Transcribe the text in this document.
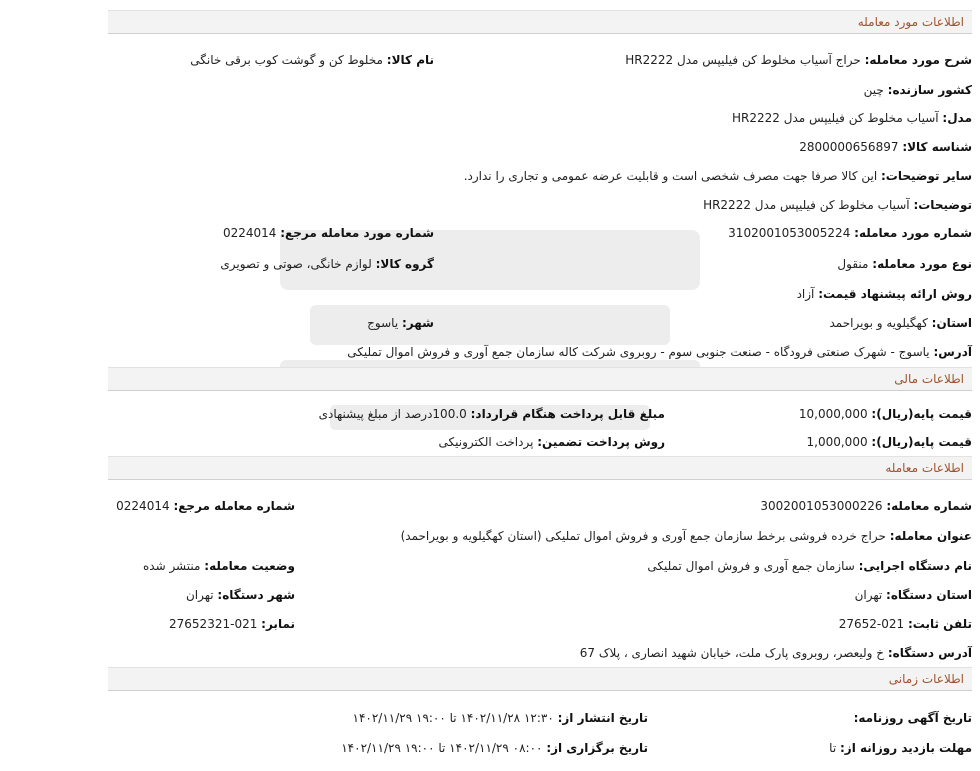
اطلاعات مورد معامله
شرح مورد معامله: حراج آسیاب مخلوط کن فیلیپس مدل HR2222
نام کالا: مخلوط کن و گوشت کوب برقی خانگی
کشور سازنده: چین
مدل: آسیاب مخلوط کن فیلیپس مدل HR2222
شناسه کالا: 2800000656897
سایر توضیحات: این کالا صرفا جهت مصرف شخصی است و قابلیت عرضه عمومی و تجاری را ندارد.
توضیحات: آسیاب مخلوط کن فیلیپس مدل HR2222
شماره مورد معامله: 3102001053005224
شماره مورد معامله مرجع: 0224014
نوع مورد معامله: منقول
گروه کالا: لوازم خانگی، صوتی و تصویری
روش ارائه پیشنهاد قیمت: آزاد
استان: کهگیلویه و بویراحمد
شهر: یاسوج
آدرس: یاسوج - شهرک صنعتی فرودگاه - صنعت جنوبی سوم - روبروی شرکت کاله سازمان جمع آوری و فروش اموال تملیکی
اطلاعات مالی
قیمت پایه(ریال): 10,000,000
مبلغ قابل پرداخت هنگام قرارداد: 100.0درصد از مبلغ پیشنهادی
قیمت پایه(ریال): 1,000,000
روش پرداخت تضمین: پرداخت الکترونیکی
اطلاعات معامله
شماره معامله: 3002001053000226
شماره معامله مرجع: 0224014
عنوان معامله: حراج خرده فروشی برخط سازمان جمع آوری و فروش اموال تملیکی (استان کهگیلویه و بویراحمد)
نام دستگاه اجرایی: سازمان جمع آوری و فروش اموال تملیکی
وضعیت معامله: منتشر شده
استان دستگاه: تهران
شهر دستگاه: تهران
تلفن ثابت: 021-27652
نمابر: 021-27652321
آدرس دستگاه: خ ولیعصر، روبروی پارک ملت، خیابان شهید انصاری ، پلاک 67
اطلاعات زمانی
تاریخ آگهی روزنامه:
تاریخ انتشار از: ۱۲:۳۰ ۱۴۰۲/۱۱/۲۸ تا ۱۹:۰۰ ۱۴۰۲/۱۱/۲۹
مهلت بازدید روزانه از: تا
تاریخ برگزاری از: ۰۸:۰۰ ۱۴۰۲/۱۱/۲۹ تا ۱۹:۰۰ ۱۴۰۲/۱۱/۲۹
